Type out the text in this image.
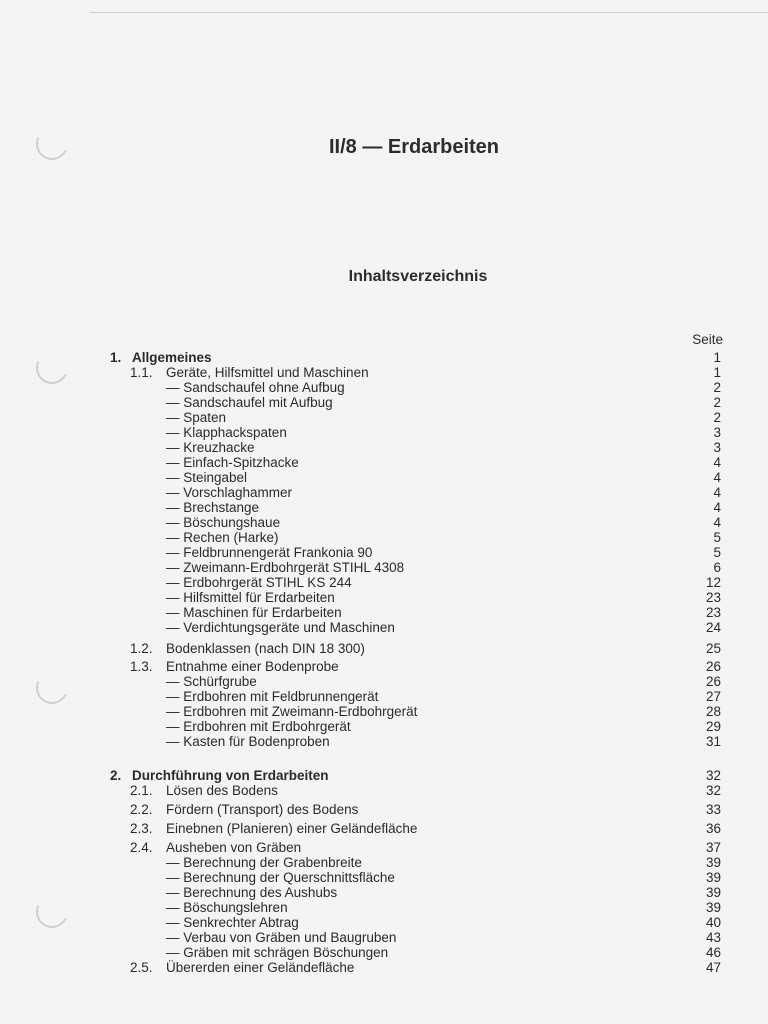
II/8 — Erdarbeiten
Inhaltsverzeichnis
Seite
1. Allgemeines	1
1.1. Geräte, Hilfsmittel und Maschinen	1
— Sandschaufel ohne Aufbug	2
— Sandschaufel mit Aufbug	2
— Spaten	2
— Klapphackspaten	3
— Kreuzhacke	3
— Einfach-Spitzhacke	4
— Steingabel	4
— Vorschlaghammer	4
— Brechstange	4
— Böschungshaue	4
— Rechen (Harke)	5
— Feldbrunnengerät Frankonia 90	5
— Zweimann-Erdbohrgerät STIHL 4308	6
— Erdbohrgerät STIHL KS 244	12
— Hilfsmittel für Erdarbeiten	23
— Maschinen für Erdarbeiten	23
— Verdichtungsgeräte und Maschinen	24
1.2. Bodenklassen (nach DIN 18 300)	25
1.3. Entnahme einer Bodenprobe	26
— Schürfgrube	26
— Erdbohren mit Feldbrunnengerät	27
— Erdbohren mit Zweimann-Erdbohrgerät	28
— Erdbohren mit Erdbohrgerät	29
— Kasten für Bodenproben	31
2. Durchführung von Erdarbeiten	32
2.1. Lösen des Bodens	32
2.2. Fördern (Transport) des Bodens	33
2.3. Einebnen (Planieren) einer Geländefläche	36
2.4. Ausheben von Gräben	37
— Berechnung der Grabenbreite	39
— Berechnung der Querschnittsfläche	39
— Berechnung des Aushubs	39
— Böschungslehren	39
— Senkrechter Abtrag	40
— Verbau von Gräben und Baugruben	43
— Gräben mit schrägen Böschungen	46
2.5. Übererden einer Geländefläche	47
